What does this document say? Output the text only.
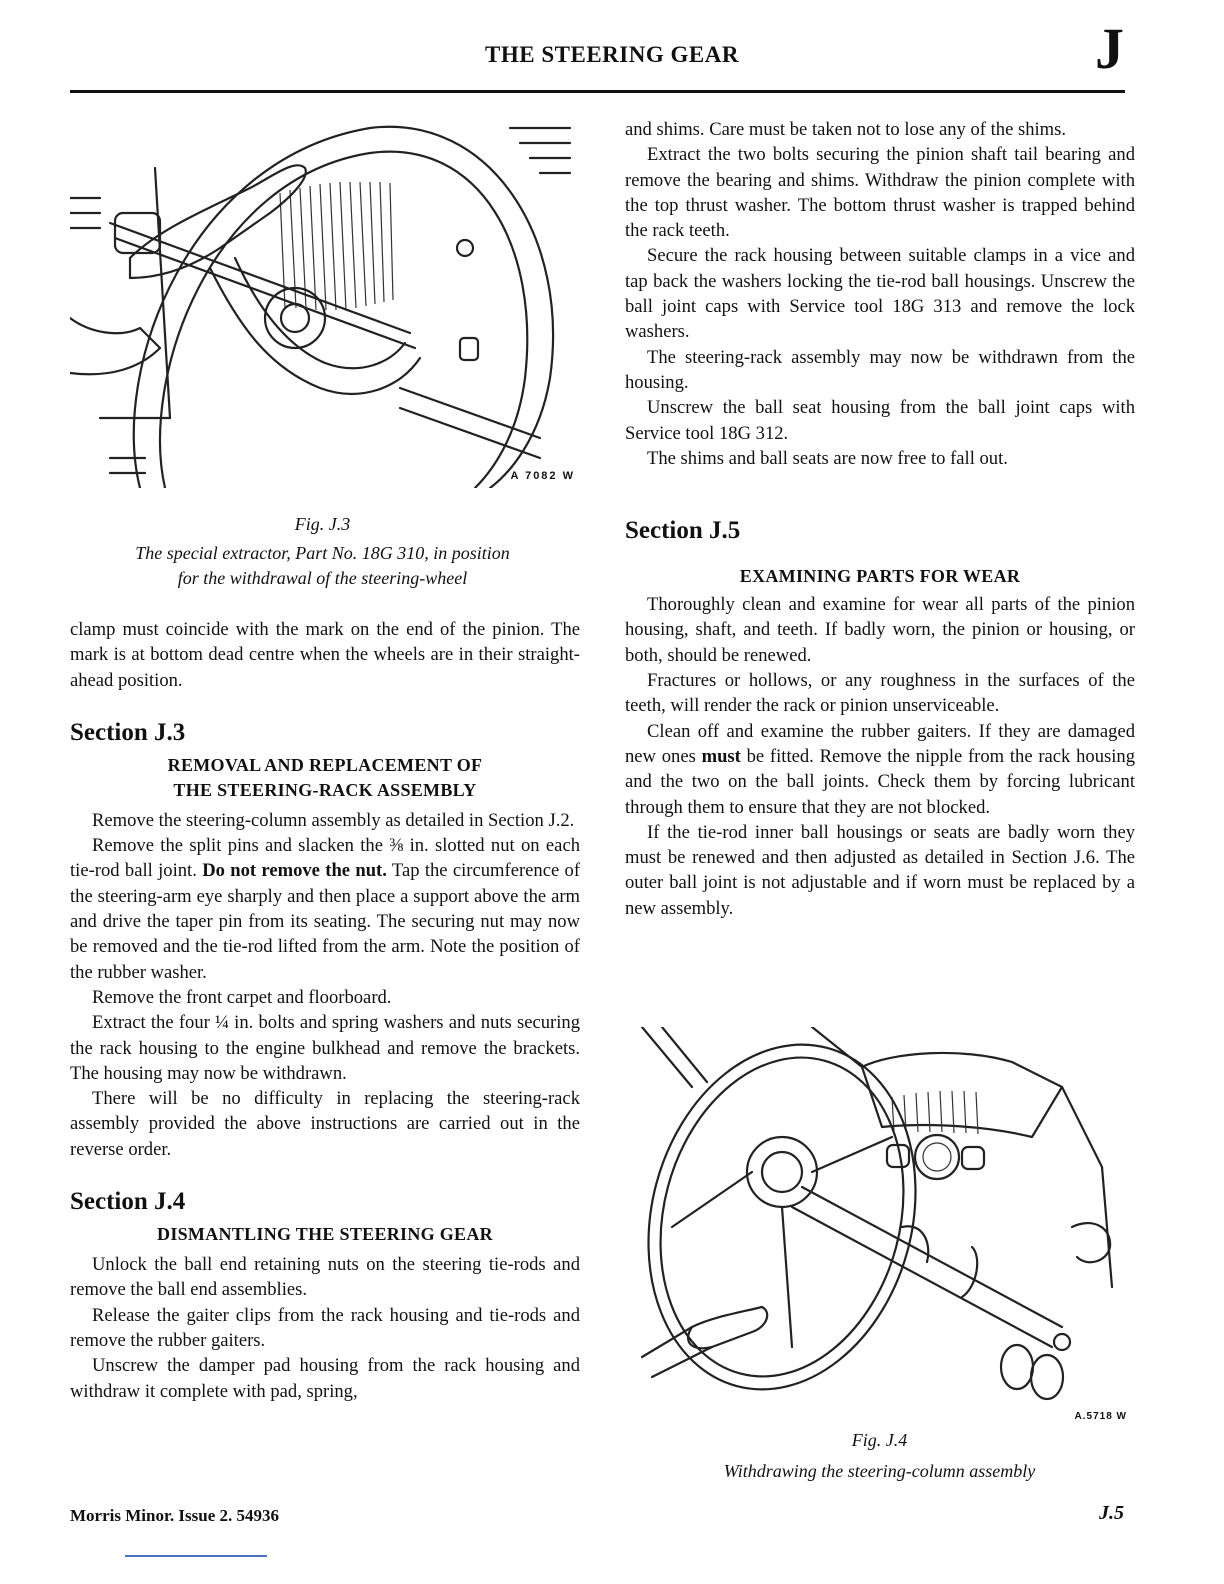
THE STEERING GEAR	J
A 7082 W
Fig. J.3
The special extractor, Part No. 18G 310, in position
for the withdrawal of the steering-wheel

clamp must coincide with the mark on the end of the pinion. The mark is at bottom dead centre when the wheels are in their straight-ahead position.

Section J.3
REMOVAL AND REPLACEMENT OF
THE STEERING-RACK ASSEMBLY

Remove the steering-column assembly as detailed in Section J.2.

Remove the split pins and slacken the ⅜ in. slotted nut on each tie-rod ball joint. Do not remove the nut. Tap the circumference of the steering-arm eye sharply and then place a support above the arm and drive the taper pin from its seating. The securing nut may now be removed and the tie-rod lifted from the arm. Note the position of the rubber washer.

Remove the front carpet and floorboard.

Extract the four ¼ in. bolts and spring washers and nuts securing the rack housing to the engine bulkhead and remove the brackets. The housing may now be withdrawn.

There will be no difficulty in replacing the steering-rack assembly provided the above instructions are carried out in the reverse order.

Section J.4
DISMANTLING THE STEERING GEAR

Unlock the ball end retaining nuts on the steering tie-rods and remove the ball end assemblies.

Release the gaiter clips from the rack housing and tie-rods and remove the rubber gaiters.

Unscrew the damper pad housing from the rack housing and withdraw it complete with pad, spring,

and shims. Care must be taken not to lose any of the shims.

Extract the two bolts securing the pinion shaft tail bearing and remove the bearing and shims. Withdraw the pinion complete with the top thrust washer. The bottom thrust washer is trapped behind the rack teeth.

Secure the rack housing between suitable clamps in a vice and tap back the washers locking the tie-rod ball housings. Unscrew the ball joint caps with Service tool 18G 313 and remove the lock washers.

The steering-rack assembly may now be withdrawn from the housing.

Unscrew the ball seat housing from the ball joint caps with Service tool 18G 312.

The shims and ball seats are now free to fall out.

Section J.5
EXAMINING PARTS FOR WEAR

Thoroughly clean and examine for wear all parts of the pinion housing, shaft, and teeth. If badly worn, the pinion or housing, or both, should be renewed.

Fractures or hollows, or any roughness in the surfaces of the teeth, will render the rack or pinion unserviceable.

Clean off and examine the rubber gaiters. If they are damaged new ones must be fitted. Remove the nipple from the rack housing and the two on the ball joints. Check them by forcing lubricant through them to ensure that they are not blocked.

If the tie-rod inner ball housings or seats are badly worn they must be renewed and then adjusted as detailed in Section J.6. The outer ball joint is not adjustable and if worn must be replaced by a new assembly.

A.5718 W
Fig. J.4
Withdrawing the steering-column assembly
Morris Minor. Issue 2. 54936	J.5
